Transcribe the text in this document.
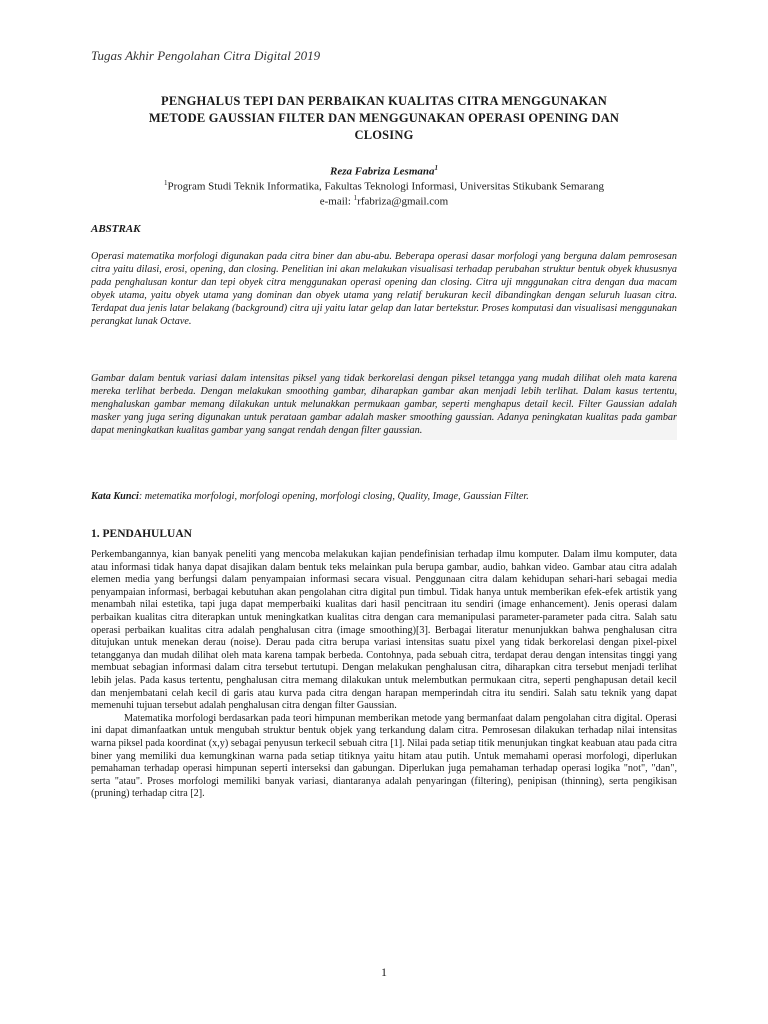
Tugas Akhir Pengolahan Citra Digital 2019
PENGHALUS TEPI DAN PERBAIKAN KUALITAS CITRA MENGGUNAKAN
METODE GAUSSIAN FILTER DAN MENGGUNAKAN OPERASI OPENING DAN
CLOSING
Reza Fabriza Lesmana$^1$
$^1$Program Studi Teknik Informatika, Fakultas Teknologi Informasi, Universitas Stikubank Semarang
e-mail: $^1$rfabriza@gmail.com
ABSTRAK
Operasi matematika morfologi digunakan pada citra biner dan abu-abu. Beberapa operasi dasar morfologi yang berguna dalam pemrosesan citra yaitu dilasi, erosi, opening, dan closing. Penelitian ini akan melakukan visualisasi terhadap perubahan struktur bentuk obyek khususnya pada penghalusan kontur dan tepi obyek citra menggunakan operasi opening dan closing. Citra uji mnggunakan citra dengan dua macam obyek utama, yaitu obyek utama yang dominan dan obyek utama yang relatif berukuran kecil dibandingkan dengan seluruh luasan citra. Terdapat dua jenis latar belakang (background) citra uji yaitu latar gelap dan latar bertekstur. Proses komputasi dan visualisasi menggunakan perangkat lunak Octave.
Gambar dalam bentuk variasi dalam intensitas piksel yang tidak berkorelasi dengan piksel tetangga yang mudah dilihat oleh mata karena mereka terlihat berbeda. Dengan melakukan smoothing gambar, diharapkan gambar akan menjadi lebih terlihat. Dalam kasus tertentu, menghaluskan gambar memang dilakukan untuk melunakkan permukaan gambar, seperti menghapus detail kecil. Filter Gaussian adalah masker yang juga sering digunakan untuk perataan gambar adalah masker smoothing gaussian. Adanya peningkatan kualitas pada gambar dapat meningkatkan kualitas gambar yang sangat rendah dengan filter gaussian.
Kata Kunci: metematika morfologi, morfologi opening, morfologi closing, Quality, Image, Gaussian Filter.
1. PENDAHULUAN

Perkembangannya, kian banyak peneliti yang mencoba melakukan kajian pendefinisian terhadap ilmu komputer. Dalam ilmu komputer, data atau informasi tidak hanya dapat disajikan dalam bentuk teks melainkan pula berupa gambar, audio, bahkan video. Gambar atau citra adalah elemen media yang berfungsi dalam penyampaian informasi secara visual. Penggunaan citra dalam kehidupan sehari-hari sebagai media penyampaian informasi, berbagai kebutuhan akan pengolahan citra digital pun timbul. Tidak hanya untuk memberikan efek-efek artistik yang menambah nilai estetika, tapi juga dapat memperbaiki kualitas dari hasil pencitraan itu sendiri (image enhancement). Jenis operasi dalam perbaikan kualitas citra diterapkan untuk meningkatkan kualitas citra dengan cara memanipulasi parameter-parameter pada citra. Salah satu operasi perbaikan kualitas citra adalah penghalusan citra (image smoothing)[3]. Berbagai literatur menunjukkan bahwa penghalusan citra ditujukan untuk menekan derau (noise). Derau pada citra berupa variasi intensitas suatu pixel yang tidak berkorelasi dengan pixel-pixel tetangganya dan mudah dilihat oleh mata karena tampak berbeda. Contohnya, pada sebuah citra, terdapat derau dengan intensitas tinggi yang membuat sebagian informasi dalam citra tersebut tertutupi. Dengan melakukan penghalusan citra, diharapkan citra tersebut menjadi terlihat lebih jelas. Pada kasus tertentu, penghalusan citra memang dilakukan untuk melembutkan permukaan citra, seperti penghapusan detail kecil dan menjembatani celah kecil di garis atau kurva pada citra dengan harapan memperindah citra itu sendiri. Salah satu teknik yang dapat memenuhi tujuan tersebut adalah penghalusan citra dengan filter Gaussian.

Matematika morfologi berdasarkan pada teori himpunan memberikan metode yang bermanfaat dalam pengolahan citra digital. Operasi ini dapat dimanfaatkan untuk mengubah struktur bentuk objek yang terkandung dalam citra. Pemrosesan dilakukan terhadap nilai intensitas warna piksel pada koordinat (x,y) sebagai penyusun terkecil sebuah citra [1]. Nilai pada setiap titik menunjukan tingkat keabuan atau pada citra biner yang memiliki dua kemungkinan warna pada setiap titiknya yaitu hitam atau putih. Untuk memahami operasi morfologi, diperlukan pemahaman terhadap operasi himpunan seperti interseksi dan gabungan. Diperlukan juga pemahaman terhadap operasi logika "not", "dan", serta "atau". Proses morfologi memiliki banyak variasi, diantaranya adalah penyaringan (filtering), penipisan (thinning), serta pengikisan (pruning) terhadap citra [2].

1
